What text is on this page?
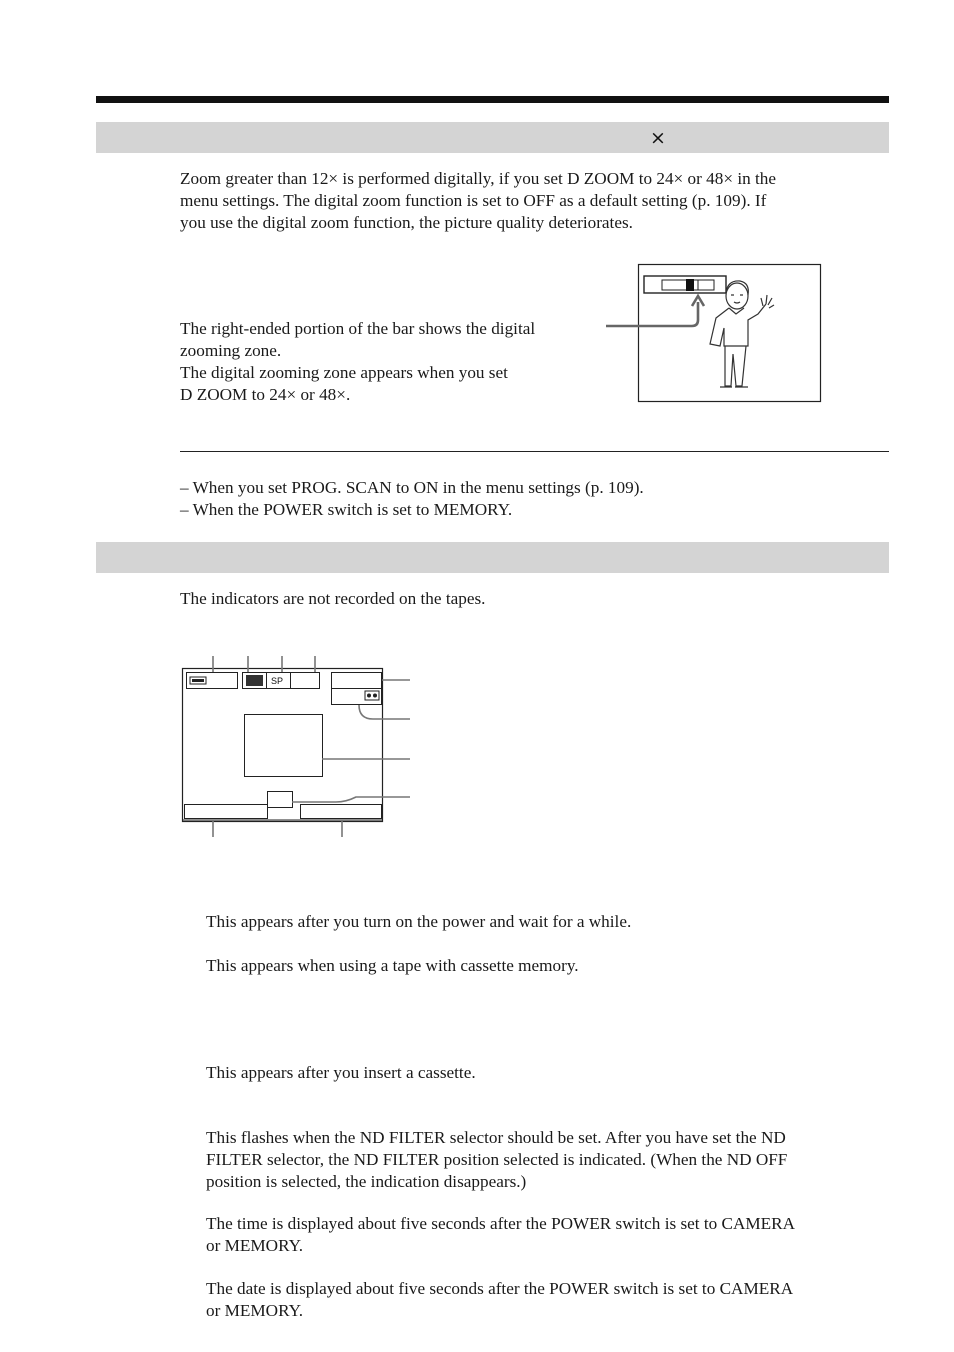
×

Zoom greater than 12× is performed digitally, if you set D ZOOM to 24× or 48× in the

menu settings. The digital zoom function is set to OFF as a default setting (p. 109). If

you use the digital zoom function, the picture quality deteriorates.

The right-ended portion of the bar shows the digital

zooming zone.

The digital zooming zone appears when you set

D ZOOM to 24× or 48×.

– When you set PROG. SCAN to ON in the menu settings (p. 109).

– When the POWER switch is set to MEMORY.

The indicators are not recorded on the tapes.
SP
This appears after you turn on the power and wait for a while.
This appears when using a tape with cassette memory.
This appears after you insert a cassette.

This flashes when the ND FILTER selector should be set. After you have set the ND

FILTER selector, the ND FILTER position selected is indicated. (When the ND OFF

position is selected, the indication disappears.)

The time is displayed about five seconds after the POWER switch is set to CAMERA

or MEMORY.

The date is displayed about five seconds after the POWER switch is set to CAMERA

or MEMORY.
